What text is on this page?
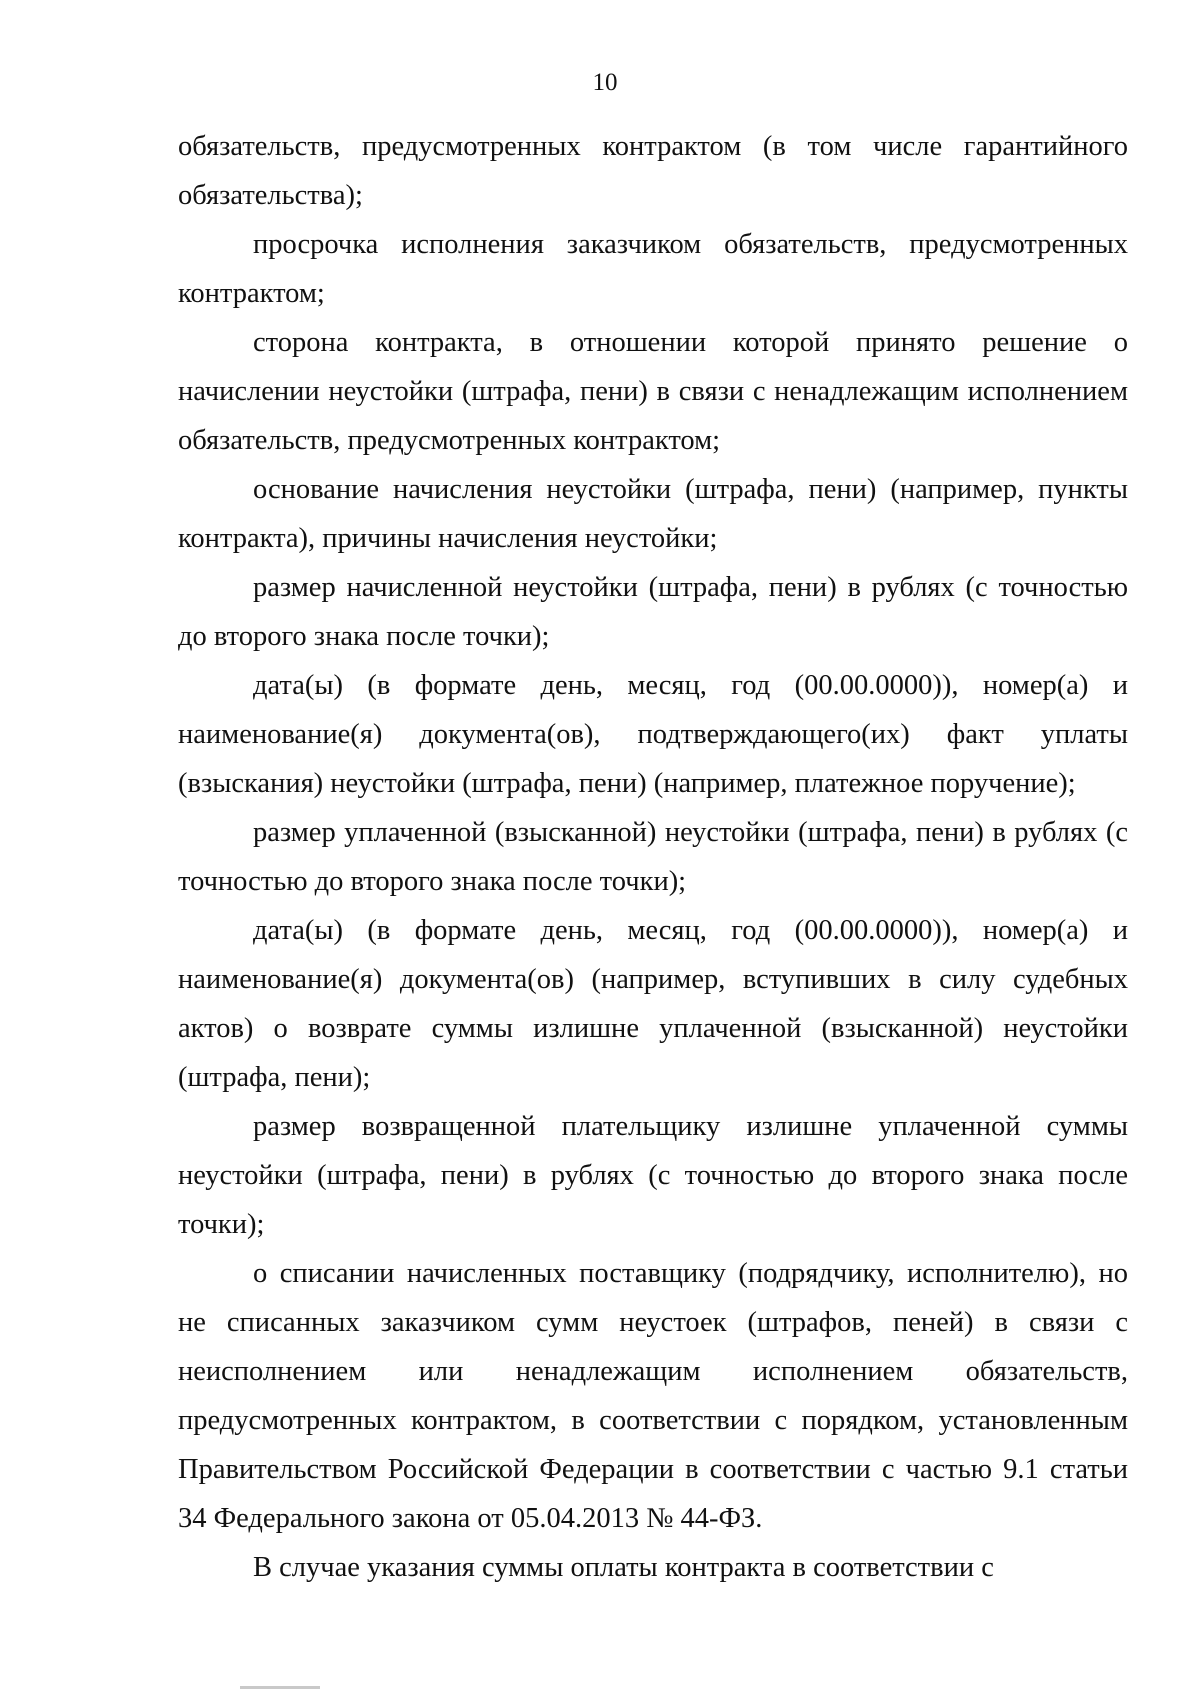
10

обязательств, предусмотренных контрактом (в том числе гарантийного обязательства);

просрочка исполнения заказчиком обязательств, предусмотренных контрактом;

сторона контракта, в отношении которой принято решение о начислении неустойки (штрафа, пени) в связи с ненадлежащим исполнением обязательств, предусмотренных контрактом;

основание начисления неустойки (штрафа, пени) (например, пункты контракта), причины начисления неустойки;

размер начисленной неустойки (штрафа, пени) в рублях (с точностью до второго знака после точки);

дата(ы) (в формате день, месяц, год (00.00.0000)), номер(а) и наименование(я) документа(ов), подтверждающего(их) факт уплаты (взыскания) неустойки (штрафа, пени) (например, платежное поручение);

размер уплаченной (взысканной) неустойки (штрафа, пени) в рублях (с точностью до второго знака после точки);

дата(ы) (в формате день, месяц, год (00.00.0000)), номер(а) и наименование(я) документа(ов) (например, вступивших в силу судебных актов) о возврате суммы излишне уплаченной (взысканной) неустойки (штрафа, пени);

размер возвращенной плательщику излишне уплаченной суммы неустойки (штрафа, пени) в рублях (с точностью до второго знака после точки);

о списании начисленных поставщику (подрядчику, исполнителю), но не списанных заказчиком сумм неустоек (штрафов, пеней) в связи с неисполнением или ненадлежащим исполнением обязательств, предусмотренных контрактом, в соответствии с порядком, установленным Правительством Российской Федерации в соответствии с частью 9.1 статьи 34 Федерального закона от 05.04.2013 № 44-ФЗ.

В случае указания суммы оплаты контракта в соответствии с
